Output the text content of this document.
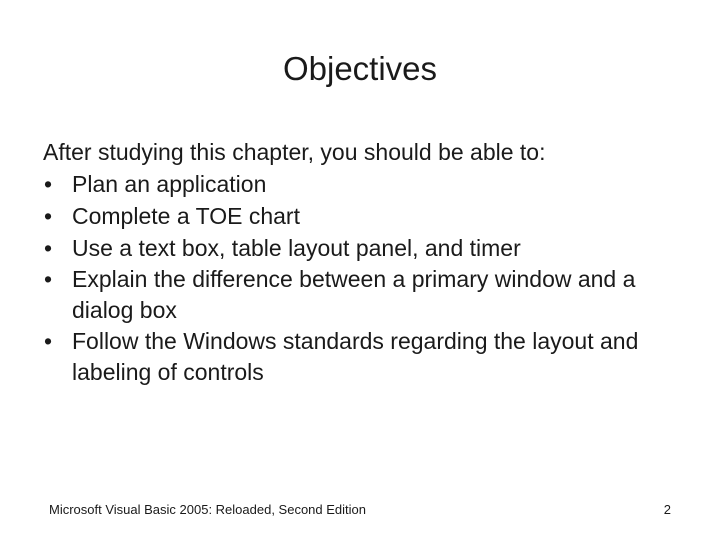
Objectives

After studying this chapter, you should be able to:

• Plan an application
• Complete a TOE chart
• Use a text box, table layout panel, and timer
• Explain the difference between a primary window and a dialog box
• Follow the Windows standards regarding the layout and labeling of controls
Microsoft Visual Basic 2005: Reloaded, Second Edition	2
